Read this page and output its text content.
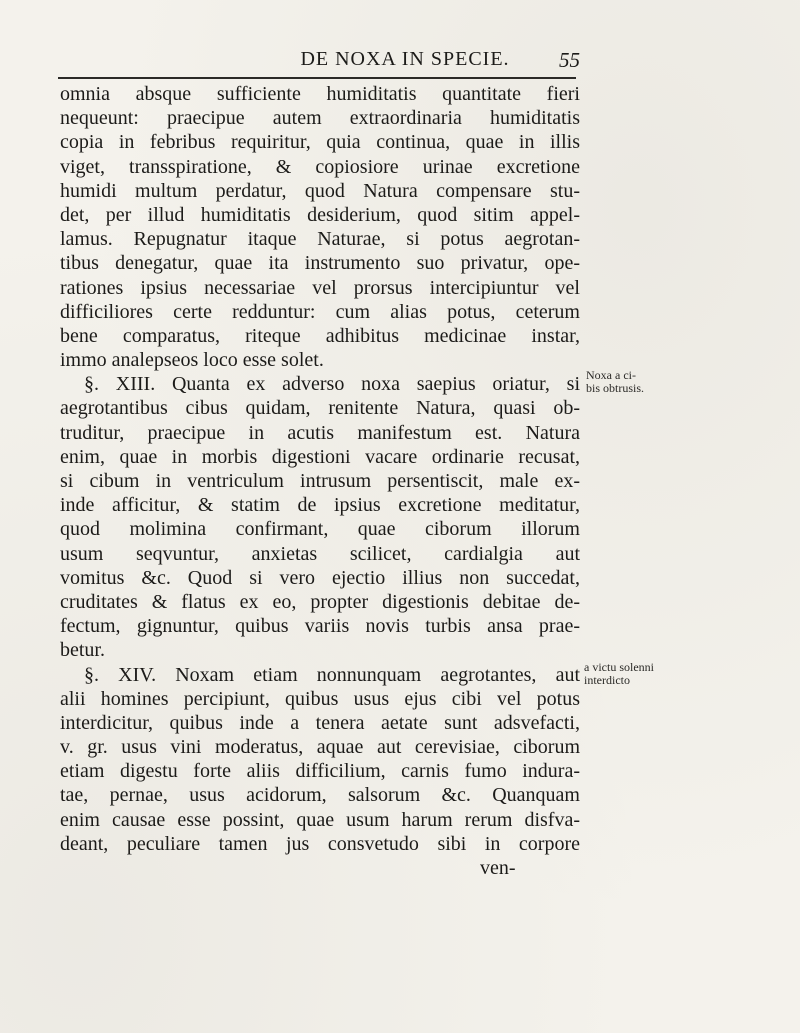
DE NOXA IN SPECIE.	55
omnia absque sufficiente humiditatis quantitate fieri
nequeunt: praecipue autem extraordinaria humiditatis
copia in febribus requiritur, quia continua, quae in illis
viget, transspiratione, & copiosiore urinae excretione
humidi multum perdatur, quod Natura compensare stu-
det, per illud humiditatis desiderium, quod sitim appel-
lamus. Repugnatur itaque Naturae, si potus aegrotan-
tibus denegatur, quae ita instrumento suo privatur, ope-
rationes ipsius necessariae vel prorsus intercipiuntur vel
difficiliores certe redduntur: cum alias potus, ceterum
bene comparatus, riteque adhibitus medicinae instar,
immo analepseos loco esse solet.
§. XIII. Quanta ex adverso noxa saepius oriatur, si
aegrotantibus cibus quidam, renitente Natura, quasi ob-
truditur, praecipue in acutis manifestum est. Natura
enim, quae in morbis digestioni vacare ordinarie recusat,
si cibum in ventriculum intrusum persentiscit, male ex-
inde afficitur, & statim de ipsius excretione meditatur,
quod molimina confirmant, quae ciborum illorum
usum seqvuntur, anxietas scilicet, cardialgia aut
vomitus &c. Quod si vero ejectio illius non succedat,
cruditates & flatus ex eo, propter digestionis debitae de-
fectum, gignuntur, quibus variis novis turbis ansa prae-
betur.
§. XIV. Noxam etiam nonnunquam aegrotantes, aut
alii homines percipiunt, quibus usus ejus cibi vel potus
interdicitur, quibus inde a tenera aetate sunt adsvefacti,
v. gr. usus vini moderatus, aquae aut cerevisiae, ciborum
etiam digestu forte aliis difficilium, carnis fumo indura-
tae, pernae, usus acidorum, salsorum &c. Quanquam
enim causae esse possint, quae usum harum rerum disfva-
deant, peculiare tamen jus consvetudo sibi in corpore
ven-
Noxa a ci-
bis obtrusis.
a victu solenni
interdicto
